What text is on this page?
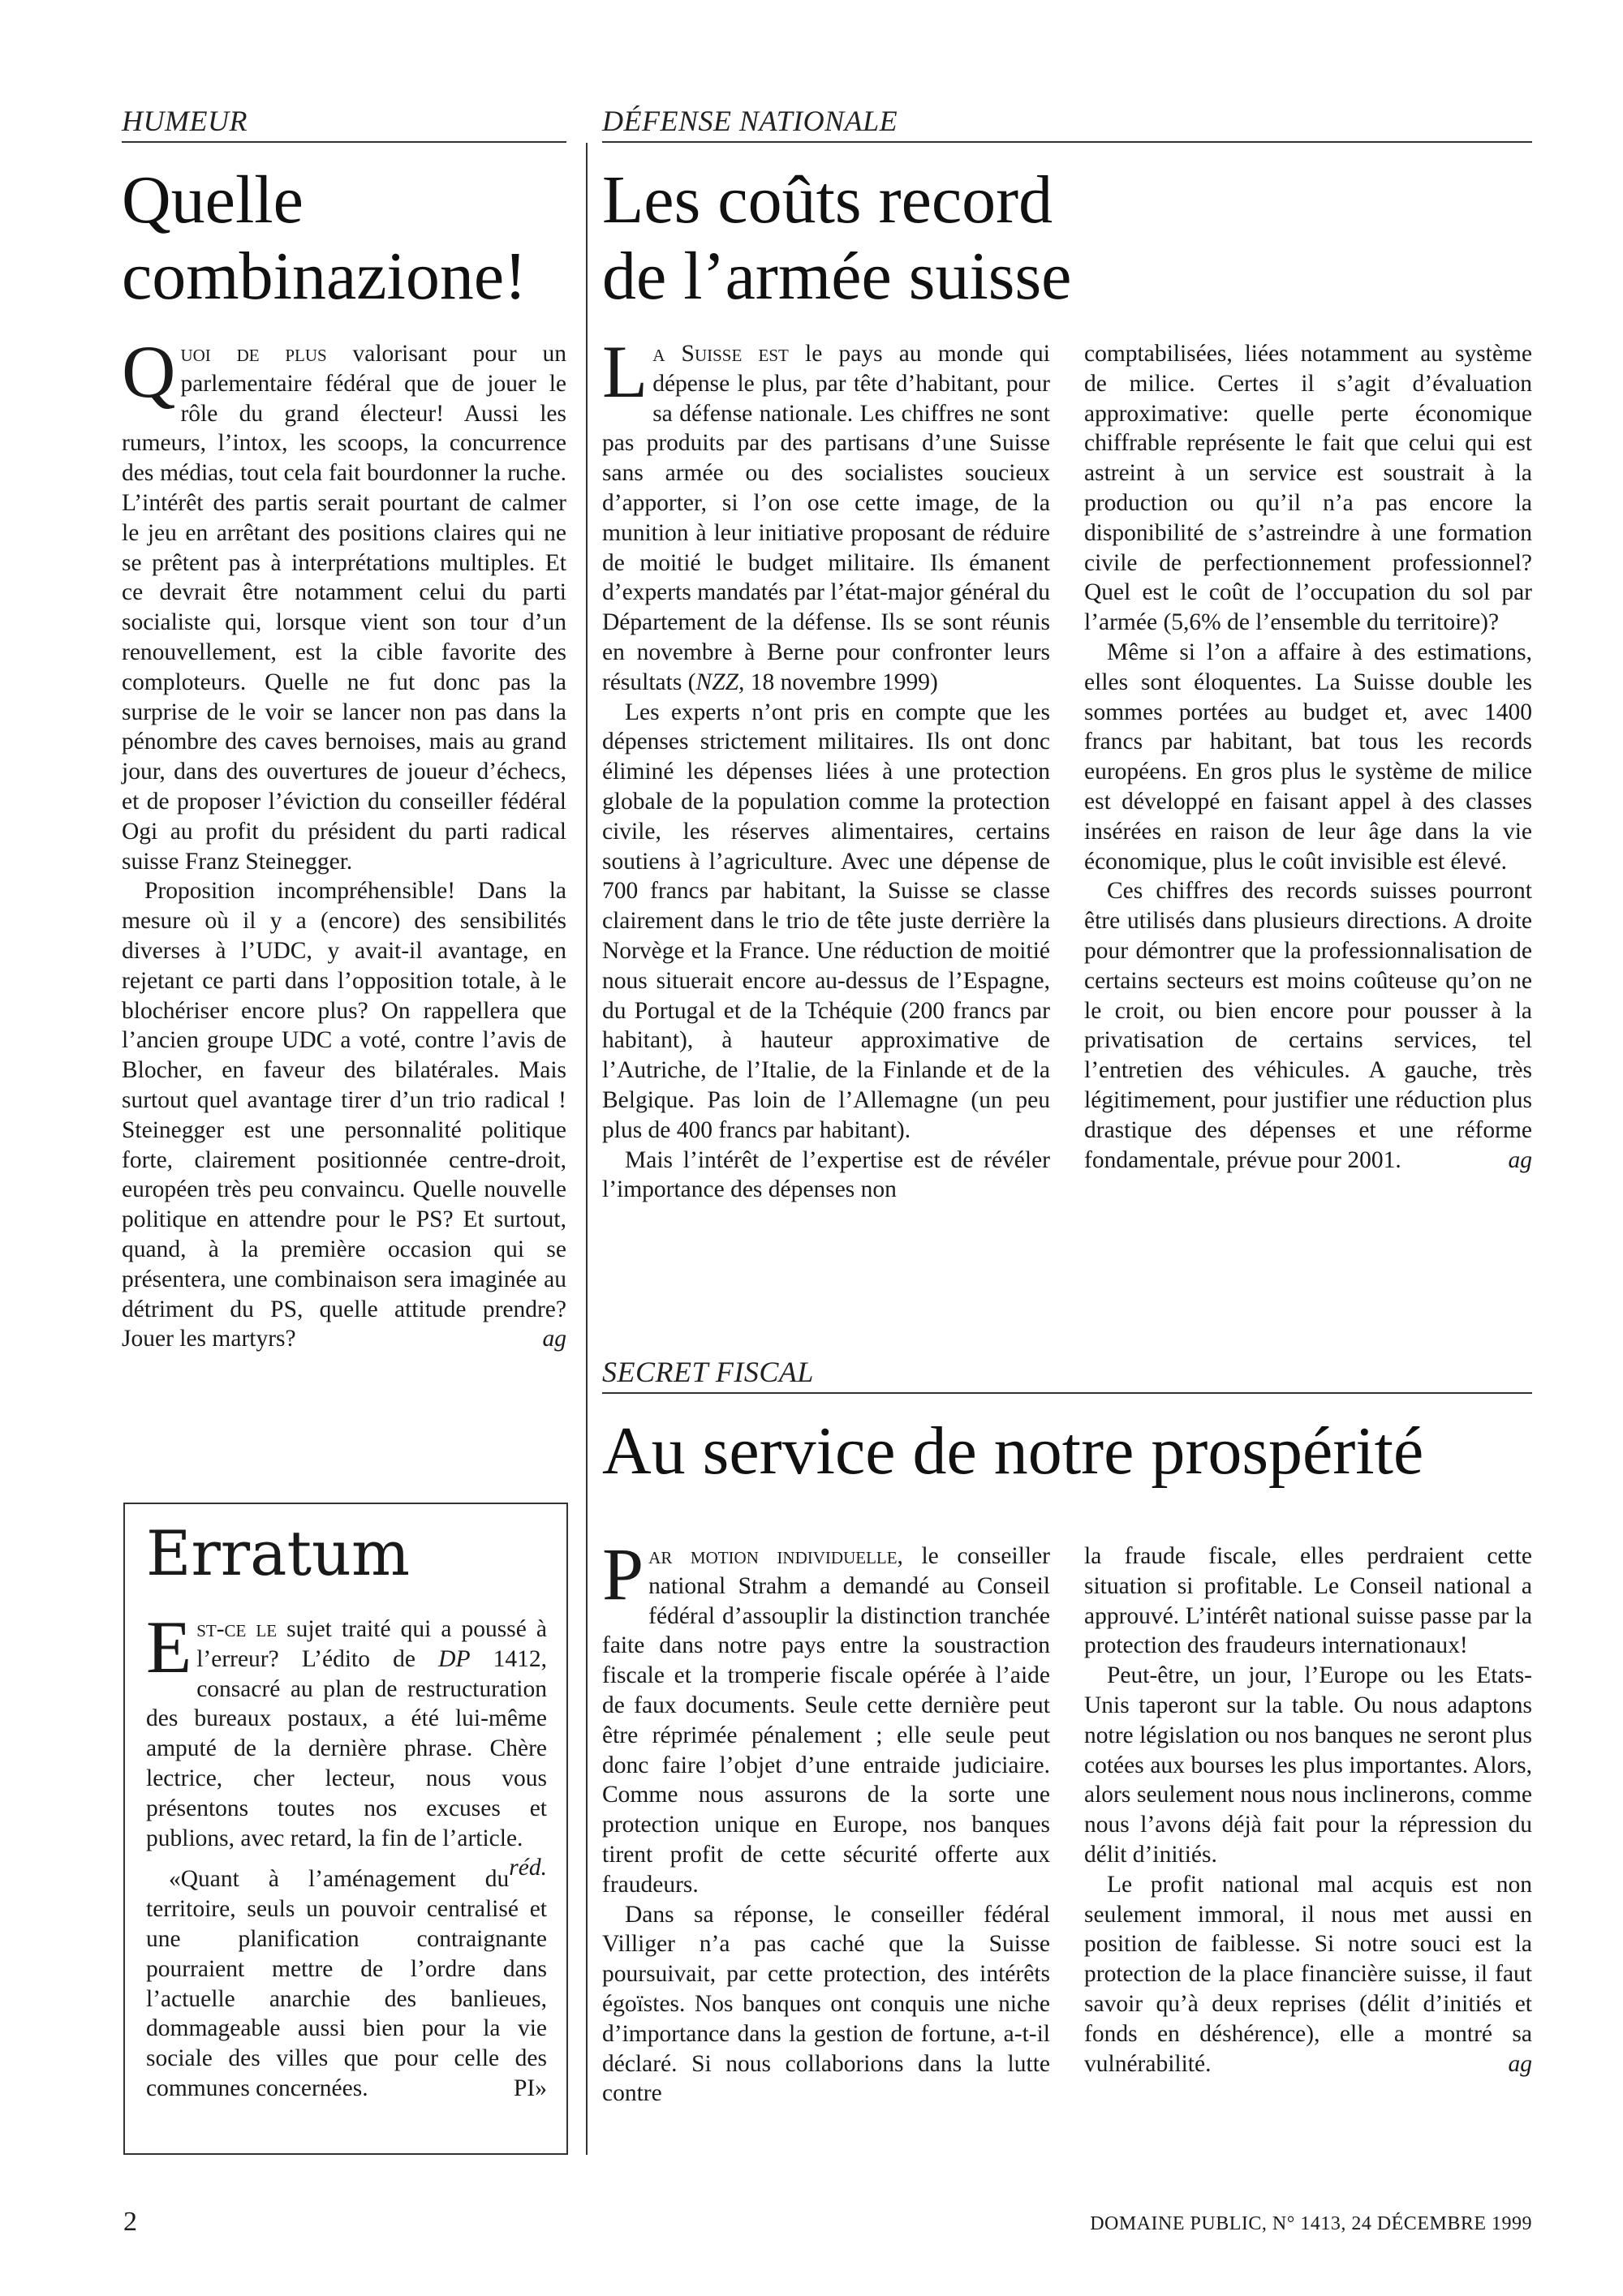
HUMEUR
Quelle combinazione!

Quoi de plus valorisant pour un parlementaire fédéral que de jouer le rôle du grand électeur! Aussi les rumeurs, l’intox, les scoops, la concurrence des médias, tout cela fait bourdonner la ruche. L’intérêt des partis serait pourtant de calmer le jeu en arrêtant des positions claires qui ne se prêtent pas à interprétations multiples. Et ce devrait être notamment celui du parti socialiste qui, lorsque vient son tour d’un renouvellement, est la cible favorite des comploteurs. Quelle ne fut donc pas la surprise de le voir se lancer non pas dans la pénombre des caves bernoises, mais au grand jour, dans des ouvertures de joueur d’échecs, et de proposer l’éviction du conseiller fédéral Ogi au profit du président du parti radical suisse Franz Steinegger.

Proposition incompréhensible! Dans la mesure où il y a (encore) des sensibilités diverses à l’UDC, y avait-il avantage, en rejetant ce parti dans l’opposition totale, à le blochériser encore plus? On rappellera que l’ancien groupe UDC a voté, contre l’avis de Blocher, en faveur des bilatérales. Mais surtout quel avantage tirer d’un trio radical ! Steinegger est une personnalité politique forte, clairement positionnée centre-droit, européen très peu convaincu. Quelle nouvelle politique en attendre pour le PS? Et surtout, quand, à la première occasion qui se présentera, une combinaison sera imaginée au détriment du PS, quelle attitude prendre? Jouer les martyrs?	ag

Erratum

Est-ce le sujet traité qui a poussé à l’erreur? L’édito de DP 1412, consacré au plan de restructuration des bureaux postaux, a été lui-même amputé de la dernière phrase. Chère lectrice, cher lecteur, nous vous présentons toutes nos excuses et publions, avec retard, la fin de l’article.
réd.

«Quant à l’aménagement du territoire, seuls un pouvoir centralisé et une planification contraignante pourraient mettre de l’ordre dans l’actuelle anarchie des banlieues, dommageable aussi bien pour la vie sociale des villes que pour celle des communes concernées.	PI»

DÉFENSE NATIONALE
Les coûts record
de l’armée suisse

La Suisse est le pays au monde qui dépense le plus, par tête d’habitant, pour sa défense nationale. Les chiffres ne sont pas produits par des partisans d’une Suisse sans armée ou des socialistes soucieux d’apporter, si l’on ose cette image, de la munition à leur initiative proposant de réduire de moitié le budget militaire. Ils émanent d’experts mandatés par l’état-major général du Département de la défense. Ils se sont réunis en novembre à Berne pour confronter leurs résultats (NZZ, 18 novembre 1999)

Les experts n’ont pris en compte que les dépenses strictement militaires. Ils ont donc éliminé les dépenses liées à une protection globale de la population comme la protection civile, les réserves alimentaires, certains soutiens à l’agriculture. Avec une dépense de 700 francs par habitant, la Suisse se classe clairement dans le trio de tête juste derrière la Norvège et la France. Une réduction de moitié nous situerait encore au-dessus de l’Espagne, du Portugal et de la Tchéquie (200 francs par habitant), à hauteur approximative de l’Autriche, de l’Italie, de la Finlande et de la Belgique. Pas loin de l’Allemagne (un peu plus de 400 francs par habitant).

Mais l’intérêt de l’expertise est de révéler l’importance des dépenses non

comptabilisées, liées notamment au système de milice. Certes il s’agit d’évaluation approximative: quelle perte économique chiffrable représente le fait que celui qui est astreint à un service est soustrait à la production ou qu’il n’a pas encore la disponibilité de s’astreindre à une formation civile de perfectionnement professionnel? Quel est le coût de l’occupation du sol par l’armée (5,6% de l’ensemble du territoire)?

Même si l’on a affaire à des estimations, elles sont éloquentes. La Suisse double les sommes portées au budget et, avec 1400 francs par habitant, bat tous les records européens. En gros plus le système de milice est développé en faisant appel à des classes insérées en raison de leur âge dans la vie économique, plus le coût invisible est élevé.

Ces chiffres des records suisses pourront être utilisés dans plusieurs directions. A droite pour démontrer que la professionnalisation de certains secteurs est moins coûteuse qu’on ne le croit, ou bien encore pour pousser à la privatisation de certains services, tel l’entretien des véhicules. A gauche, très légitimement, pour justifier une réduction plus drastique des dépenses et une réforme fondamentale, prévue pour 2001.	ag

SECRET FISCAL
Au service de notre prospérité

Par motion individuelle, le conseiller national Strahm a demandé au Conseil fédéral d’assouplir la distinction tranchée faite dans notre pays entre la soustraction fiscale et la tromperie fiscale opérée à l’aide de faux documents. Seule cette dernière peut être réprimée pénalement ; elle seule peut donc faire l’objet d’une entraide judiciaire. Comme nous assurons de la sorte une protection unique en Europe, nos banques tirent profit de cette sécurité offerte aux fraudeurs.

Dans sa réponse, le conseiller fédéral Villiger n’a pas caché que la Suisse poursuivait, par cette protection, des intérêts égoïstes. Nos banques ont conquis une niche d’importance dans la gestion de fortune, a-t-il déclaré. Si nous collaborions dans la lutte contre

la fraude fiscale, elles perdraient cette situation si profitable. Le Conseil national a approuvé. L’intérêt national suisse passe par la protection des fraudeurs internationaux!

Peut-être, un jour, l’Europe ou les Etats-Unis taperont sur la table. Ou nous adaptons notre législation ou nos banques ne seront plus cotées aux bourses les plus importantes. Alors, alors seulement nous nous inclinerons, comme nous l’avons déjà fait pour la répression du délit d’initiés.

Le profit national mal acquis est non seulement immoral, il nous met aussi en position de faiblesse. Si notre souci est la protection de la place financière suisse, il faut savoir qu’à deux reprises (délit d’initiés et fonds en déshérence), elle a montré sa vulnérabilité.	ag

2	DOMAINE PUBLIC, N° 1413, 24 DÉCEMBRE 1999
